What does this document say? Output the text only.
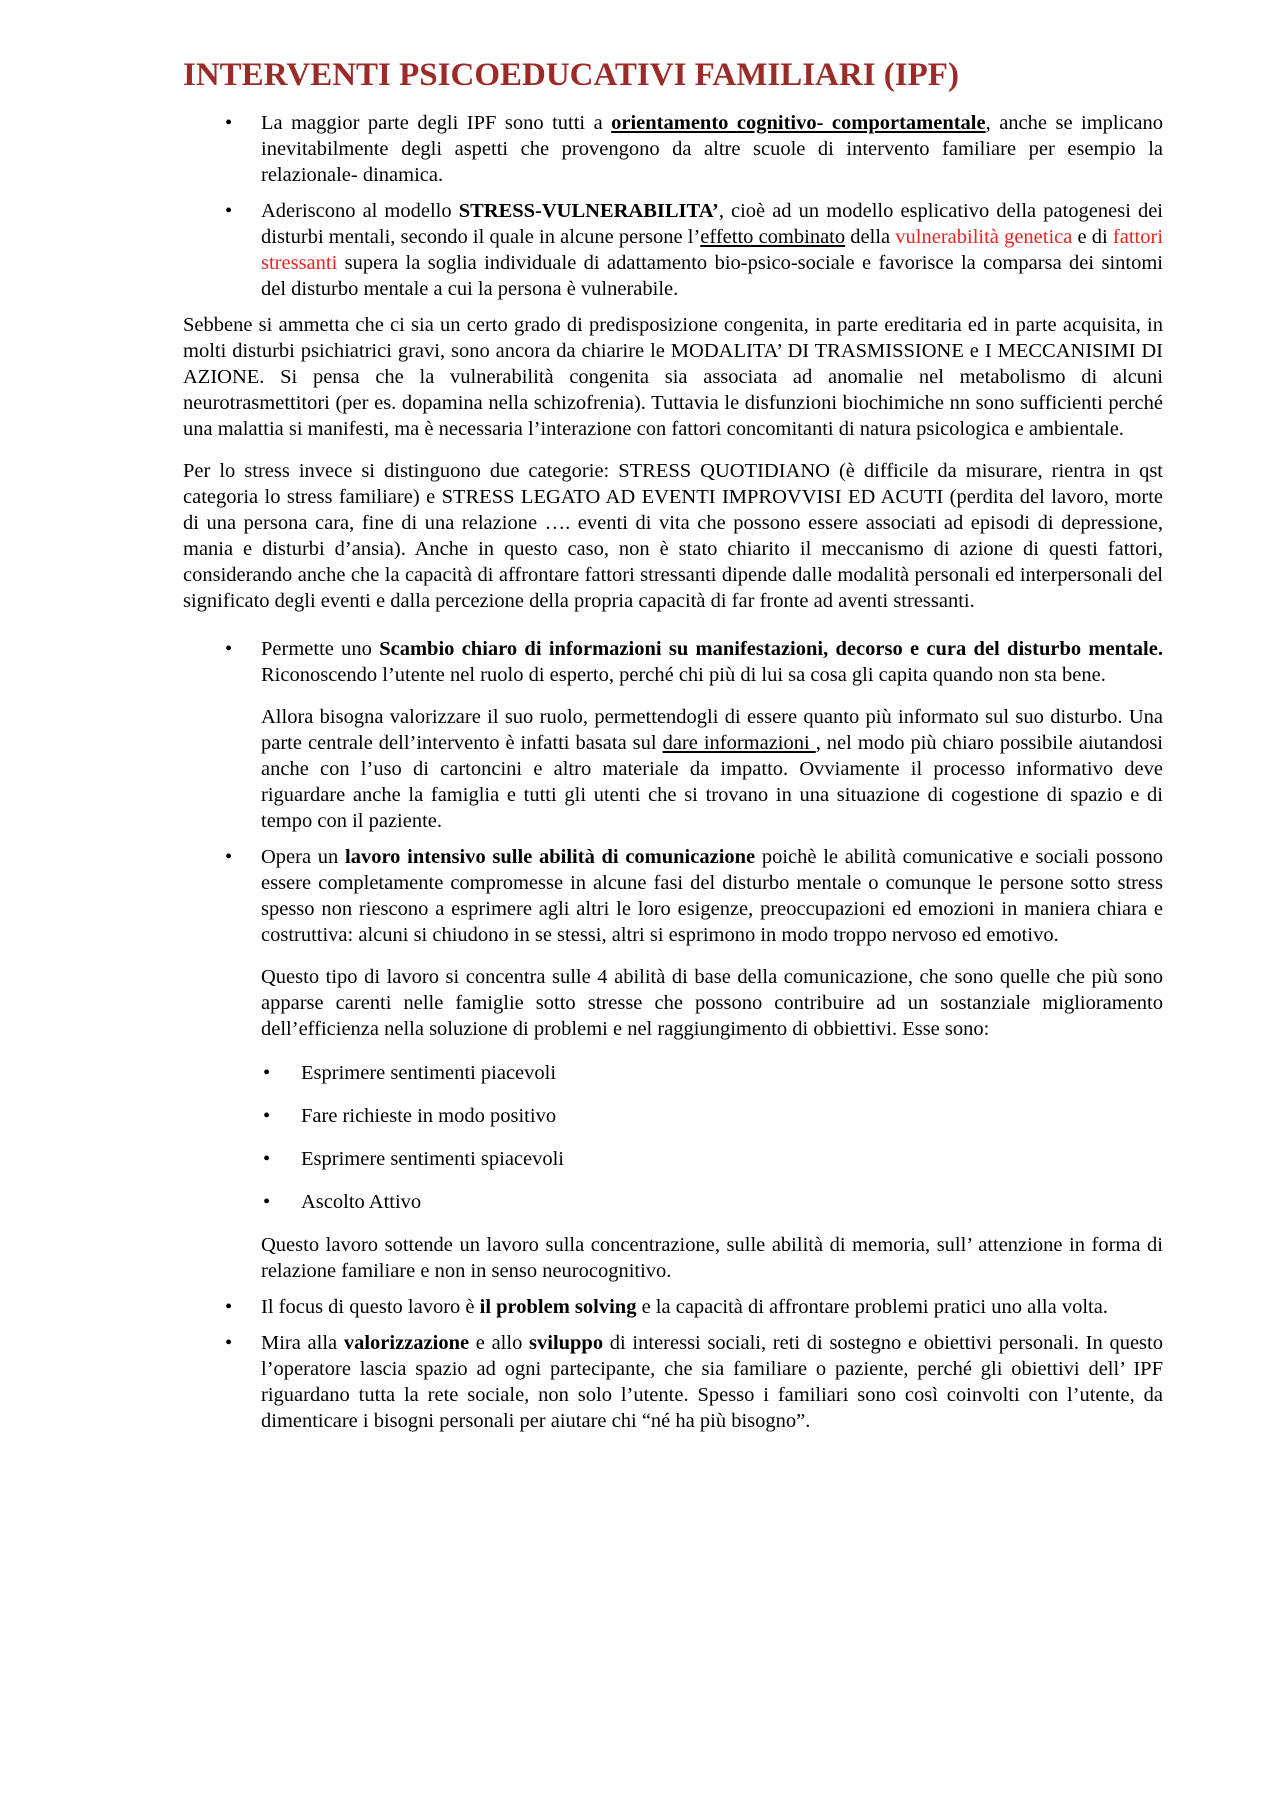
INTERVENTI PSICOEDUCATIVI FAMILIARI (IPF)
• La maggior parte degli IPF sono tutti a orientamento cognitivo- comportamentale, anche se implicano inevitabilmente degli aspetti che provengono da altre scuole di intervento familiare per esempio la relazionale- dinamica.

• Aderiscono al modello STRESS-VULNERABILITA’, cioè ad un modello esplicativo della patogenesi dei disturbi mentali, secondo il quale in alcune persone l’effetto combinato della vulnerabilità genetica e di fattori stressanti supera la soglia individuale di adattamento bio-psico-sociale e favorisce la comparsa dei sintomi del disturbo mentale a cui la persona è vulnerabile.

Sebbene si ammetta che ci sia un certo grado di predisposizione congenita, in parte ereditaria ed in parte acquisita, in molti disturbi psichiatrici gravi, sono ancora da chiarire le MODALITA’ DI TRASMISSIONE e I MECCANISIMI DI AZIONE. Si pensa che la vulnerabilità congenita sia associata ad anomalie nel metabolismo di alcuni neurotrasmettitori (per es. dopamina nella schizofrenia). Tuttavia le disfunzioni biochimiche nn sono sufficienti perché una malattia si manifesti, ma è necessaria l’interazione con fattori concomitanti di natura psicologica e ambientale.

Per lo stress invece si distinguono due categorie: STRESS QUOTIDIANO (è difficile da misurare, rientra in qst categoria lo stress familiare) e STRESS LEGATO AD EVENTI IMPROVVISI ED ACUTI (perdita del lavoro, morte di una persona cara, fine di una relazione …. eventi di vita che possono essere associati ad episodi di depressione, mania e disturbi d’ansia). Anche in questo caso, non è stato chiarito il meccanismo di azione di questi fattori, considerando anche che la capacità di affrontare fattori stressanti dipende dalle modalità personali ed interpersonali del significato degli eventi e dalla percezione della propria capacità di far fronte ad aventi stressanti.

• Permette uno Scambio chiaro di informazioni su manifestazioni, decorso e cura del disturbo mentale. Riconoscendo l’utente nel ruolo di esperto, perché chi più di lui sa cosa gli capita quando non sta bene.

Allora bisogna valorizzare il suo ruolo, permettendogli di essere quanto più informato sul suo disturbo. Una parte centrale dell’intervento è infatti basata sul dare informazioni , nel modo più chiaro possibile aiutandosi anche con l’uso di cartoncini e altro materiale da impatto. Ovviamente il processo informativo deve riguardare anche la famiglia e tutti gli utenti che si trovano in una situazione di cogestione di spazio e di tempo con il paziente.

• Opera un lavoro intensivo sulle abilità di comunicazione poichè le abilità comunicative e sociali possono essere completamente compromesse in alcune fasi del disturbo mentale o comunque le persone sotto stress spesso non riescono a esprimere agli altri le loro esigenze, preoccupazioni ed emozioni in maniera chiara e costruttiva: alcuni si chiudono in se stessi, altri si esprimono in modo troppo nervoso ed emotivo.

Questo tipo di lavoro si concentra sulle 4 abilità di base della comunicazione, che sono quelle che più sono apparse carenti nelle famiglie sotto stresse che possono contribuire ad un sostanziale miglioramento dell’efficienza nella soluzione di problemi e nel raggiungimento di obbiettivi. Esse sono:

• Esprimere sentimenti piacevoli
• Fare richieste in modo positivo
• Esprimere sentimenti spiacevoli
• Ascolto Attivo

Questo lavoro sottende un lavoro sulla concentrazione, sulle abilità di memoria, sull’ attenzione in forma di relazione familiare e non in senso neurocognitivo.

• Il focus di questo lavoro è il problem solving e la capacità di affrontare problemi pratici uno alla volta.

• Mira alla valorizzazione e allo sviluppo di interessi sociali, reti di sostegno e obiettivi personali. In questo l’operatore lascia spazio ad ogni partecipante, che sia familiare o paziente, perché gli obiettivi dell’ IPF riguardano tutta la rete sociale, non solo l’utente. Spesso i familiari sono così coinvolti con l’utente, da dimenticare i bisogni personali per aiutare chi “né ha più bisogno”.
